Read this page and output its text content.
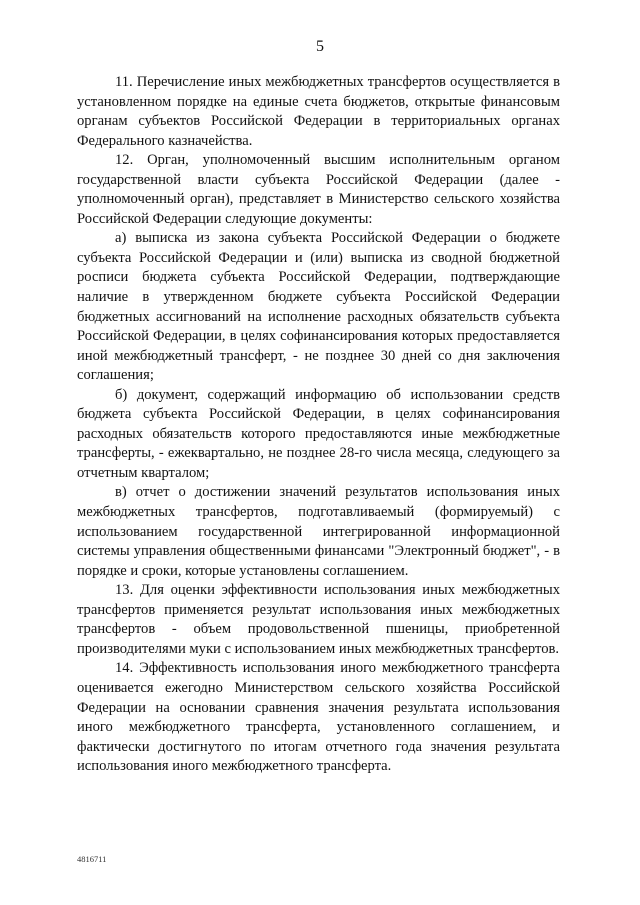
5

11. Перечисление иных межбюджетных трансфертов осуществляется в установленном порядке на единые счета бюджетов, открытые финансовым органам субъектов Российской Федерации в территориальных органах Федерального казначейства.

12. Орган, уполномоченный высшим исполнительным органом государственной власти субъекта Российской Федерации (далее - уполномоченный орган), представляет в Министерство сельского хозяйства Российской Федерации следующие документы:

а) выписка из закона субъекта Российской Федерации о бюджете субъекта Российской Федерации и (или) выписка из сводной бюджетной росписи бюджета субъекта Российской Федерации, подтверждающие наличие в утвержденном бюджете субъекта Российской Федерации бюджетных ассигнований на исполнение расходных обязательств субъекта Российской Федерации, в целях софинансирования которых предоставляется иной межбюджетный трансферт, - не позднее 30 дней со дня заключения соглашения;

б) документ, содержащий информацию об использовании средств бюджета субъекта Российской Федерации, в целях софинансирования расходных обязательств которого предоставляются иные межбюджетные трансферты, - ежеквартально, не позднее 28-го числа месяца, следующего за отчетным кварталом;

в) отчет о достижении значений результатов использования иных межбюджетных трансфертов, подготавливаемый (формируемый) с использованием государственной интегрированной информационной системы управления общественными финансами "Электронный бюджет", - в порядке и сроки, которые установлены соглашением.

13. Для оценки эффективности использования иных межбюджетных трансфертов применяется результат использования иных межбюджетных трансфертов - объем продовольственной пшеницы, приобретенной производителями муки с использованием иных межбюджетных трансфертов.

14. Эффективность использования иного межбюджетного трансферта оценивается ежегодно Министерством сельского хозяйства Российской Федерации на основании сравнения значения результата использования иного межбюджетного трансферта, установленного соглашением, и фактически достигнутого по итогам отчетного года значения результата использования иного межбюджетного трансферта.

4816711
